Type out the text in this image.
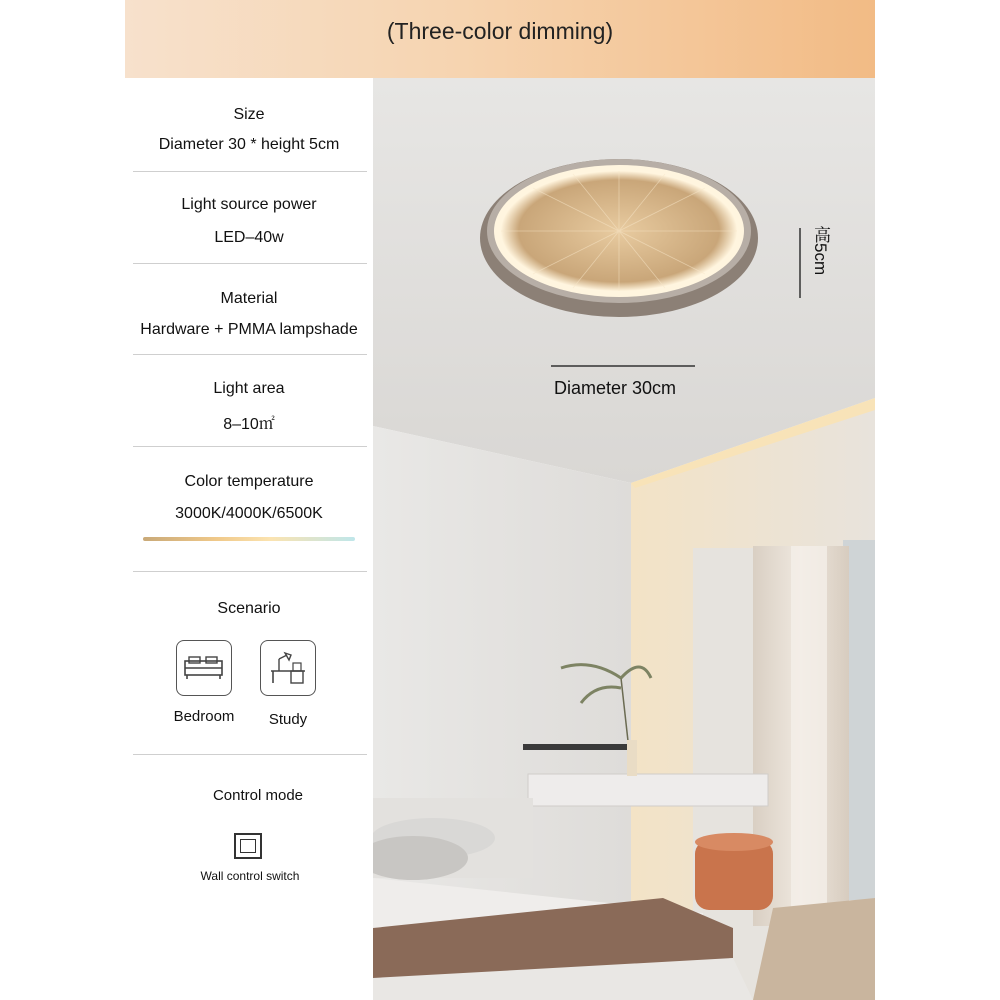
(Three-color dimming)
Size
Diameter 30 * height 5cm
Light source power
LED–40w
Material
Hardware + PMMA lampshade
Light area
8–10㎡
Color temperature
3000K/4000K/6500K
Scenario
Bedroom	Study
Control mode
Wall control switch
高5cm
Diameter 30cm
